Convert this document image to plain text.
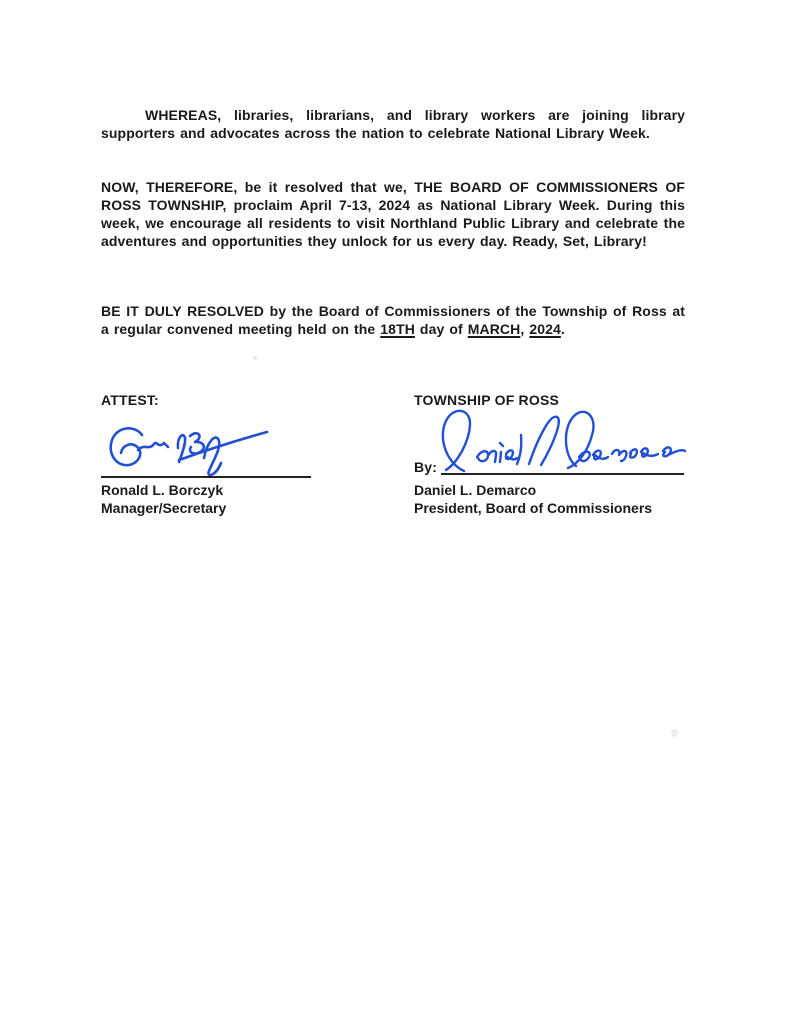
WHEREAS, libraries, librarians, and library workers are joining library supporters and advocates across the nation to celebrate National Library Week.

NOW, THEREFORE, be it resolved that we, THE BOARD OF COMMISSIONERS OF ROSS TOWNSHIP, proclaim April 7-13, 2024 as National Library Week. During this week, we encourage all residents to visit Northland Public Library and celebrate the adventures and opportunities they unlock for us every day. Ready, Set, Library!

BE IT DULY RESOLVED by the Board of Commissioners of the Township of Ross at a regular convened meeting held on the 18TH day of MARCH, 2024.

ATTEST:	TOWNSHIP OF ROSS
Ronald L. Borczyk
Manager/Secretary
By:
Daniel L. Demarco
President, Board of Commissioners
